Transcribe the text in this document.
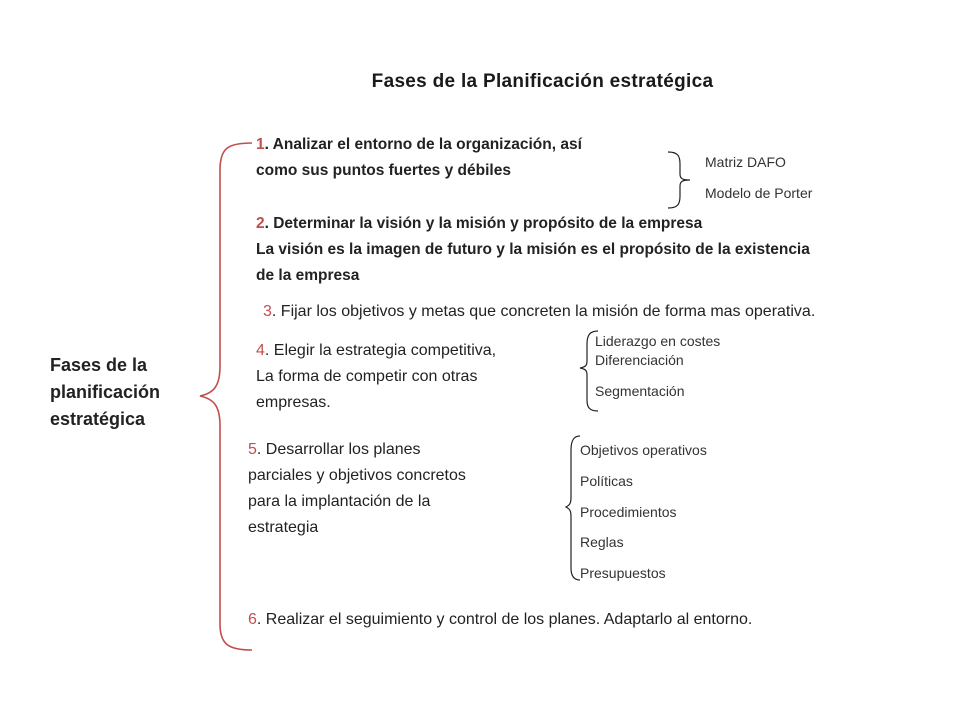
Fases de la Planificación estratégica
Fases de la
planificación
estratégica
1. Analizar el entorno de la organización, así
como sus puntos fuertes y débiles
2. Determinar la visión y la misión y propósito de la empresa
La visión es la imagen de futuro y la misión es el propósito de la existencia
de la empresa
3. Fijar los objetivos y metas que concreten la misión de forma mas operativa.
4. Elegir la estrategia competitiva,
La forma de competir con otras
empresas.
5. Desarrollar los planes
parciales y objetivos concretos
para la implantación de la
estrategia
6. Realizar el seguimiento y control de los planes. Adaptarlo al entorno.
Matriz DAFO
Modelo de Porter
Liderazgo en costes
Diferenciación
Segmentación
Objetivos operativos
Políticas
Procedimientos
Reglas
Presupuestos
